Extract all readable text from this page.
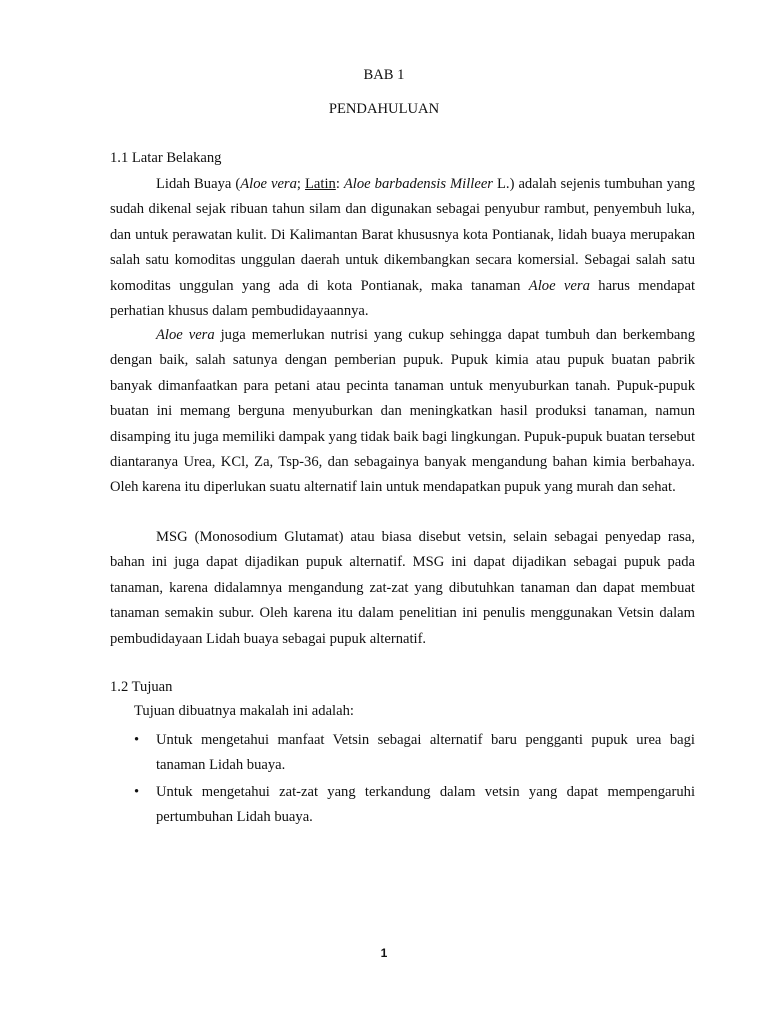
BAB 1
PENDAHULUAN
1.1 Latar Belakang

Lidah Buaya (Aloe vera; Latin: Aloe barbadensis Milleer L.) adalah sejenis tumbuhan yang sudah dikenal sejak ribuan tahun silam dan digunakan sebagai penyubur rambut, penyembuh luka, dan untuk perawatan kulit. Di Kalimantan Barat khususnya kota Pontianak, lidah buaya merupakan salah satu komoditas unggulan daerah untuk dikembangkan secara komersial. Sebagai salah satu komoditas unggulan yang ada di kota Pontianak, maka tanaman Aloe vera harus mendapat perhatian khusus dalam pembudidayaannya.

Aloe vera juga memerlukan nutrisi yang cukup sehingga dapat tumbuh dan berkembang dengan baik, salah satunya dengan pemberian pupuk. Pupuk kimia atau pupuk buatan pabrik banyak dimanfaatkan para petani atau pecinta tanaman untuk menyuburkan tanah. Pupuk-pupuk buatan ini memang berguna menyuburkan dan meningkatkan hasil produksi tanaman, namun disamping itu juga memiliki dampak yang tidak baik bagi lingkungan. Pupuk-pupuk buatan tersebut diantaranya Urea, KCl, Za, Tsp-36, dan sebagainya banyak mengandung bahan kimia berbahaya. Oleh karena itu diperlukan suatu alternatif lain untuk mendapatkan pupuk yang murah dan sehat.

MSG (Monosodium Glutamat) atau biasa disebut vetsin, selain sebagai penyedap rasa, bahan ini juga dapat dijadikan pupuk alternatif. MSG ini dapat dijadikan sebagai pupuk pada tanaman, karena didalamnya mengandung zat-zat yang dibutuhkan tanaman dan dapat membuat tanaman semakin subur. Oleh karena itu dalam penelitian ini penulis menggunakan Vetsin dalam pembudidayaan Lidah buaya sebagai pupuk alternatif.

1.2 Tujuan

Tujuan dibuatnya makalah ini adalah:

• Untuk mengetahui manfaat Vetsin sebagai alternatif baru pengganti pupuk urea bagi tanaman Lidah buaya.
• Untuk mengetahui zat-zat yang terkandung dalam vetsin yang dapat mempengaruhi pertumbuhan Lidah buaya.
1
